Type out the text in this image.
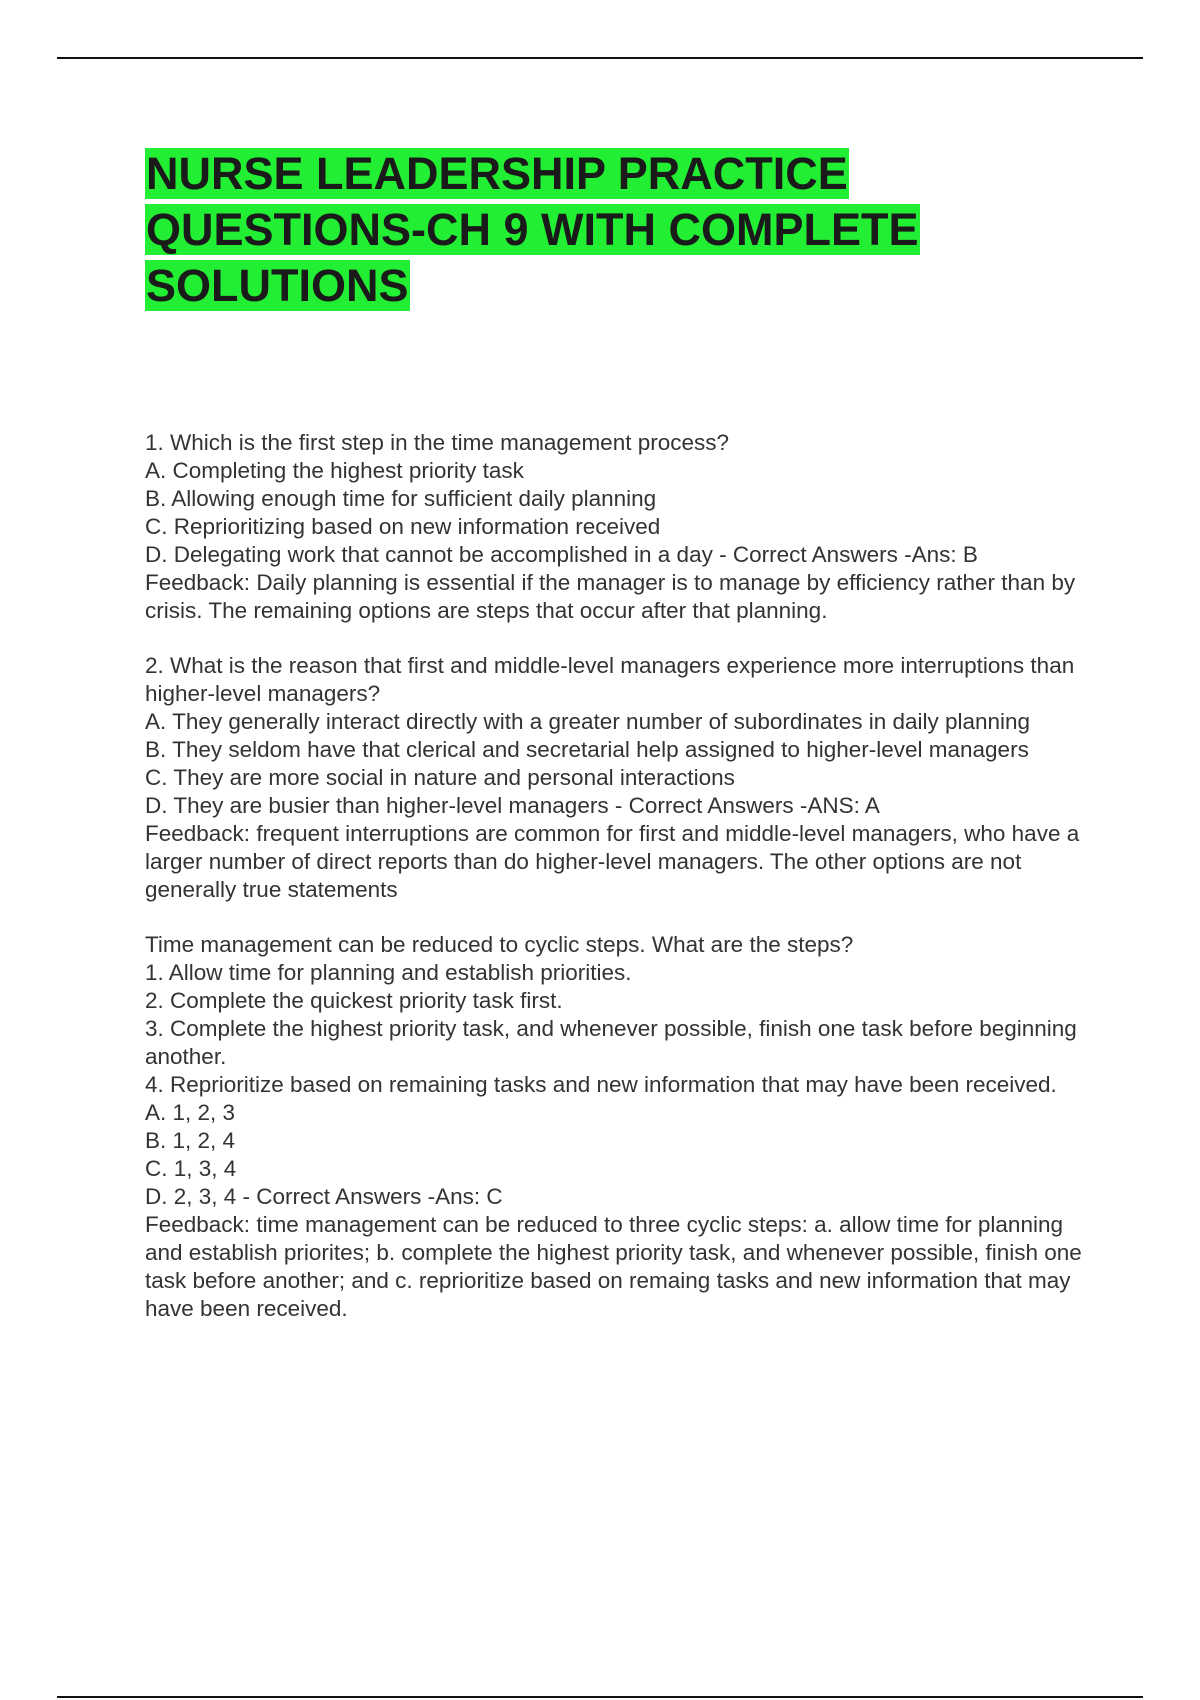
NURSE LEADERSHIP PRACTICE QUESTIONS-CH 9 WITH COMPLETE SOLUTIONS
1. Which is the first step in the time management process?
A. Completing the highest priority task
B. Allowing enough time for sufficient daily planning
C. Reprioritizing based on new information received
D. Delegating work that cannot be accomplished in a day - Correct Answers -Ans: B
Feedback: Daily planning is essential if the manager is to manage by efficiency rather than by crisis. The remaining options are steps that occur after that planning.
2. What is the reason that first and middle-level managers experience more interruptions than higher-level managers?
A. They generally interact directly with a greater number of subordinates in daily planning
B. They seldom have that clerical and secretarial help assigned to higher-level managers
C. They are more social in nature and personal interactions
D. They are busier than higher-level managers - Correct Answers -ANS: A
Feedback: frequent interruptions are common for first and middle-level managers, who have a larger number of direct reports than do higher-level managers. The other options are not generally true statements
Time management can be reduced to cyclic steps. What are the steps?
1. Allow time for planning and establish priorities.
2. Complete the quickest priority task first.
3. Complete the highest priority task, and whenever possible, finish one task before beginning another.
4. Reprioritize based on remaining tasks and new information that may have been received.
A. 1, 2, 3
B. 1, 2, 4
C. 1, 3, 4
D. 2, 3, 4 - Correct Answers -Ans: C
Feedback: time management can be reduced to three cyclic steps: a. allow time for planning and establish priorites; b. complete the highest priority task, and whenever possible, finish one task before another; and c. reprioritize based on remaing tasks and new information that may have been received.
